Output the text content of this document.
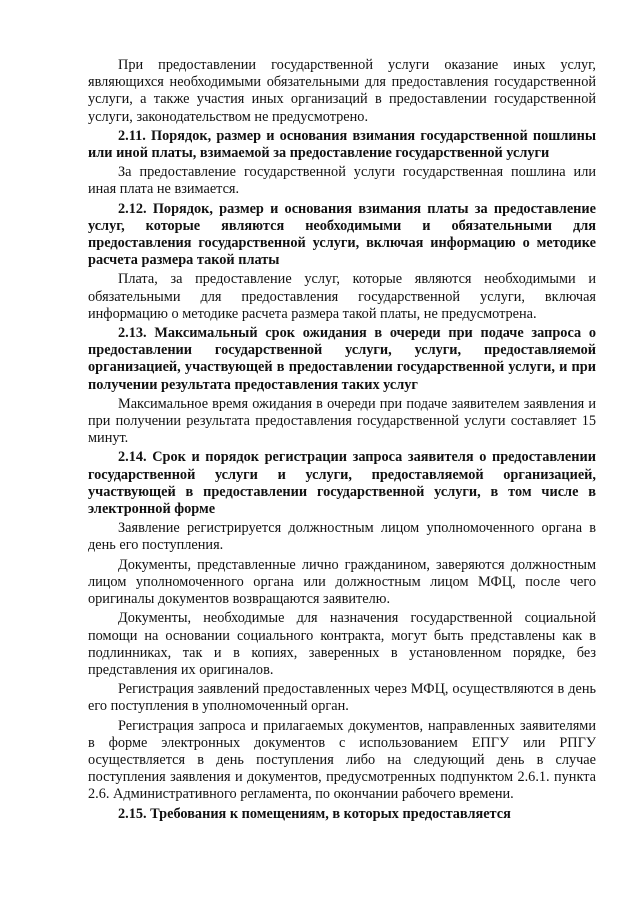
При предоставлении государственной услуги оказание иных услуг, являющихся необходимыми обязательными для предоставления государственной услуги, а также участия иных организаций в предоставлении государственной услуги, законодательством не предусмотрено.

2.11. Порядок, размер и основания взимания государственной пошлины или иной платы, взимаемой за предоставление государственной услуги

За предоставление государственной услуги государственная пошлина или иная плата не взимается.

2.12. Порядок, размер и основания взимания платы за предоставление услуг, которые являются необходимыми и обязательными для предоставления государственной услуги, включая информацию о методике расчета размера такой платы

Плата, за предоставление услуг, которые являются необходимыми и обязательными для предоставления государственной услуги, включая информацию о методике расчета размера такой платы, не предусмотрена.

2.13. Максимальный срок ожидания в очереди при подаче запроса о предоставлении государственной услуги, услуги, предоставляемой организацией, участвующей в предоставлении государственной услуги, и при получении результата предоставления таких услуг

Максимальное время ожидания в очереди при подаче заявителем заявления и при получении результата предоставления государственной услуги составляет 15 минут.

2.14. Срок и порядок регистрации запроса заявителя о предоставлении государственной услуги и услуги, предоставляемой организацией, участвующей в предоставлении государственной услуги, в том числе в электронной форме

Заявление регистрируется должностным лицом уполномоченного органа в день его поступления.

Документы, представленные лично гражданином, заверяются должностным лицом уполномоченного органа или должностным лицом МФЦ, после чего оригиналы документов возвращаются заявителю.

Документы, необходимые для назначения государственной социальной помощи на основании социального контракта, могут быть представлены как в подлинниках, так и в копиях, заверенных в установленном порядке, без представления их оригиналов.

Регистрация заявлений предоставленных через МФЦ, осуществляются в день его поступления в уполномоченный орган.

Регистрация запроса и прилагаемых документов, направленных заявителями в форме электронных документов с использованием ЕПГУ или РПГУ осуществляется в день поступления либо на следующий день в случае поступления заявления и документов, предусмотренных подпунктом 2.6.1. пункта 2.6. Административного регламента, по окончании рабочего времени.

2.15. Требования к помещениям, в которых предоставляется
